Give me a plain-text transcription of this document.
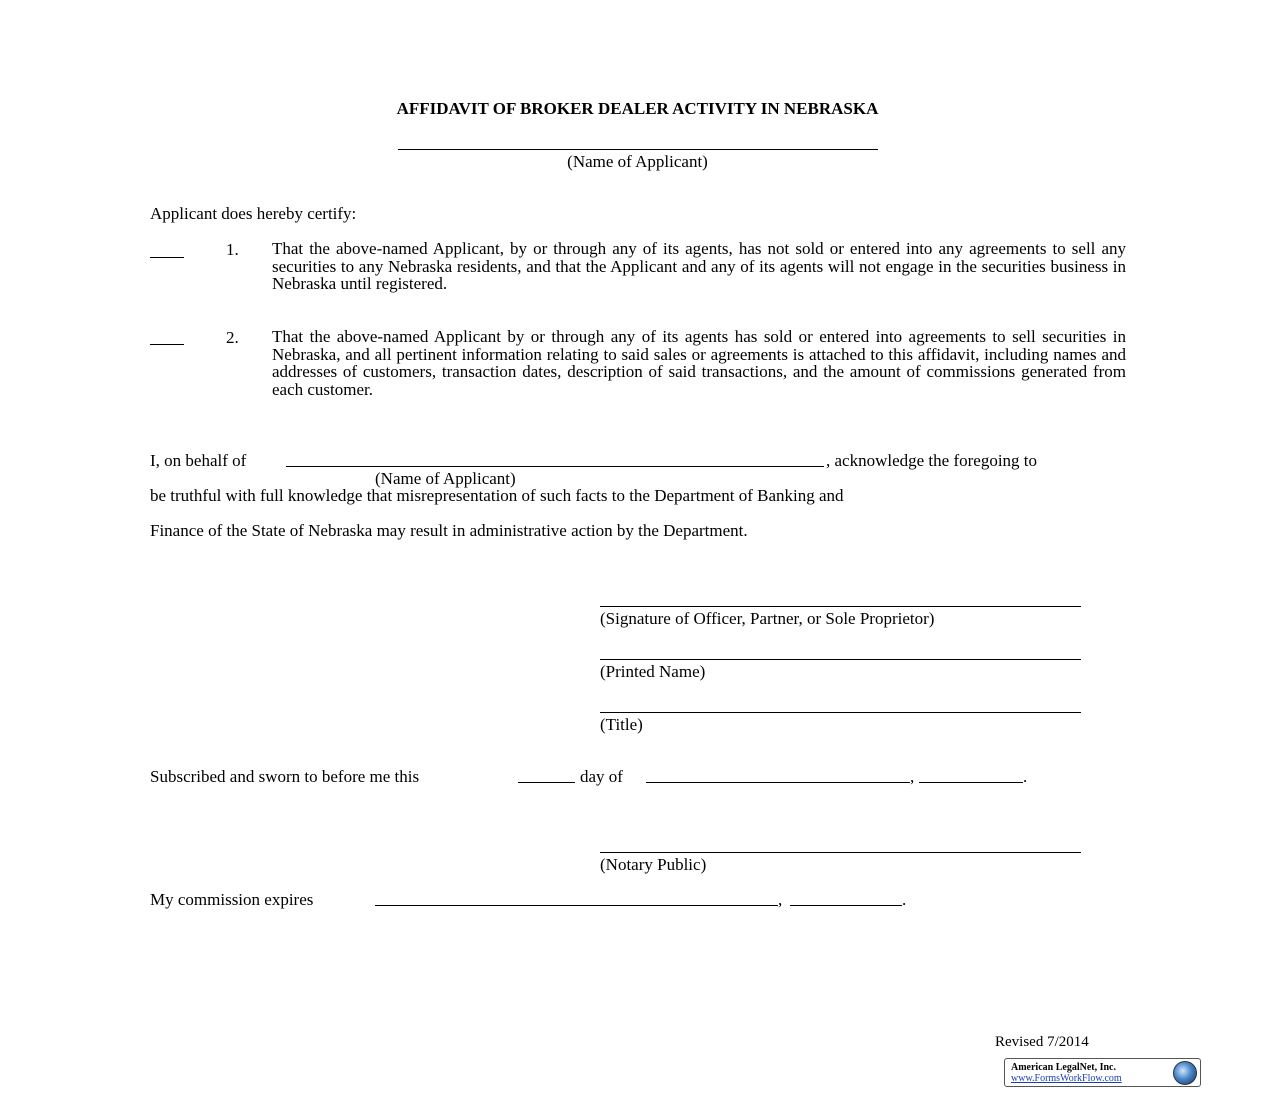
AFFIDAVIT OF BROKER DEALER ACTIVITY IN NEBRASKA
(Name of Applicant)
Applicant does hereby certify:
1. That the above-named Applicant, by or through any of its agents, has not sold or entered into any agreements to sell any securities to any Nebraska residents, and that the Applicant and any of its agents will not engage in the securities business in Nebraska until registered.
2. That the above-named Applicant by or through any of its agents has sold or entered into agreements to sell securities in Nebraska, and all pertinent information relating to said sales or agreements is attached to this affidavit, including names and addresses of customers, transaction dates, description of said transactions, and the amount of commissions generated from each customer.
I, on behalf of	, acknowledge the foregoing to
(Name of Applicant)
be truthful with full knowledge that misrepresentation of such facts to the Department of Banking and
Finance of the State of Nebraska may result in administrative action by the Department.
(Signature of Officer, Partner, or Sole Proprietor)
(Printed Name)
(Title)
Subscribed and sworn to before me this	day of	,	.
(Notary Public)
My commission expires	,	.
Revised 7/2014
American LegalNet, Inc.
www.FormsWorkFlow.com
